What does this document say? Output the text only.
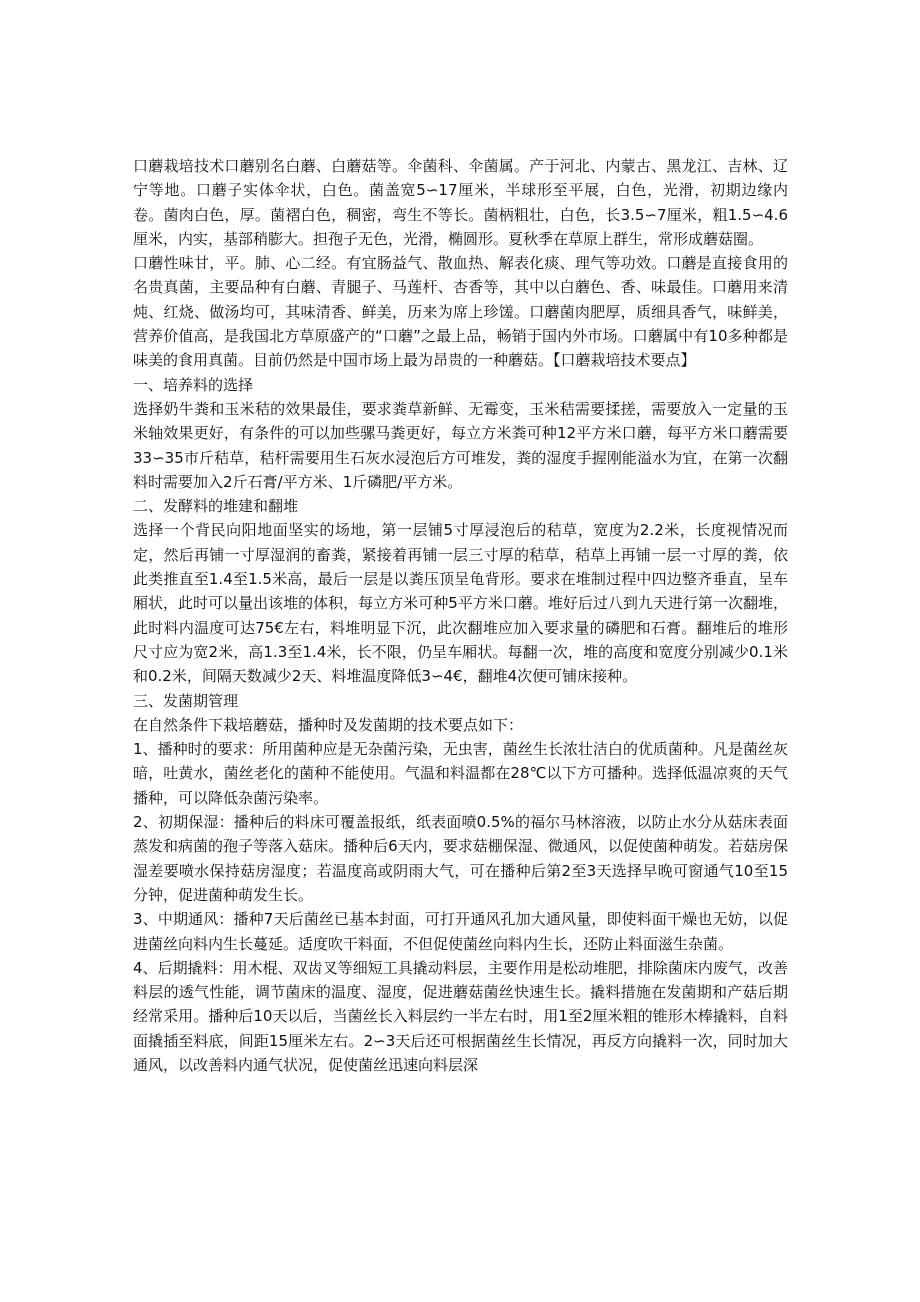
口蘑栽培技术口蘑别名白蘑、白蘑菇等。伞菌科、伞菌属。产于河北、内蒙古、黑龙江、吉林、辽宁等地。口蘑子实体伞状，白色。菌盖宽5∽17厘米，半球形至平展，白色，光滑，初期边缘内卷。菌肉白色，厚。菌褶白色，稠密，弯生不等长。菌柄粗壮，白色，长3.5∽7厘米，粗1.5∽4.6厘米，内实，基部稍膨大。担孢子无色，光滑，椭圆形。夏秋季在草原上群生，常形成蘑菇圈。

口蘑性味甘，平。肺、心二经。有宜肠益气、散血热、解表化痰、理气等功效。口蘑是直接食用的名贵真菌，主要品种有白蘑、青腿子、马莲杆、杏香等，其中以白蘑色、香、味最佳。口蘑用来清炖、红烧、做汤均可，其味清香、鲜美，历来为席上珍馐。口蘑菌肉肥厚，质细具香气，味鲜美，营养价值高，是我国北方草原盛产的“口蘑”之最上品，畅销于国内外市场。口蘑属中有10多种都是味美的食用真菌。目前仍然是中国市场上最为昂贵的一种蘑菇。【口蘑栽培技术要点】

一、培养料的选择

选择奶牛粪和玉米秸的效果最佳，要求粪草新鲜、无霉变，玉米秸需要揉搓，需要放入一定量的玉米轴效果更好，有条件的可以加些骡马粪更好，每立方米粪可种12平方米口蘑，每平方米口蘑需要33∽35市斤秸草，秸杆需要用生石灰水浸泡后方可堆发，粪的湿度手握刚能溢水为宜，在第一次翻料时需要加入2斤石膏/平方米、1斤磷肥/平方米。

二、发酵料的堆建和翻堆

选择一个背民向阳地面坚实的场地，第一层铺5寸厚浸泡后的秸草，宽度为2.2米，长度视情况而定，然后再铺一寸厚湿润的畜粪，紧接着再铺一层三寸厚的秸草，秸草上再铺一层一寸厚的粪，依此类推直至1.4至1.5米高，最后一层是以粪压顶呈龟背形。要求在堆制过程中四边整齐垂直，呈车厢状，此时可以量出该堆的体积，每立方米可种5平方米口蘑。堆好后过八到九天进行第一次翻堆，此时料内温度可达75€左右，料堆明显下沉，此次翻堆应加入要求量的磷肥和石膏。翻堆后的堆形尺寸应为宽2米，高1.3至1.4米，长不限，仍呈车厢状。每翻一次，堆的高度和宽度分别减少0.1米和0.2米，间隔天数减少2天、料堆温度降低3∽4€，翻堆4次便可铺床接种。

三、发菌期管理

在自然条件下栽培蘑菇，播种时及发菌期的技术要点如下：

1、播种时的要求：所用菌种应是无杂菌污染，无虫害，菌丝生长浓壮洁白的优质菌种。凡是菌丝灰暗，吐黄水，菌丝老化的菌种不能使用。气温和料温都在28℃以下方可播种。选择低温凉爽的天气播种，可以降低杂菌污染率。

2、初期保湿：播种后的料床可覆盖报纸，纸表面喷0.5%的福尔马林溶液，以防止水分从菇床表面蒸发和病菌的孢子等落入菇床。播种后6天内，要求菇棚保湿、微通风，以促使菌种萌发。若菇房保湿差要喷水保持菇房湿度；若温度高或阴雨大气，可在播种后第2至3天选择早晚可窗通气10至15分钟，促进菌种萌发生长。

3、中期通风：播种7天后菌丝已基本封面，可打开通风孔加大通风量，即使料面干燥也无妨，以促进菌丝向料内生长蔓延。适度吹干料面，不但促使菌丝向料内生长，还防止料面滋生杂菌。

4、后期撬料：用木棍、双齿叉等细短工具撬动料层，主要作用是松动堆肥，排除菌床内废气，改善料层的透气性能，调节菌床的温度、湿度，促进蘑菇菌丝快速生长。撬料措施在发菌期和产菇后期经常采用。播种后10天以后，当菌丝长入料层约一半左右时，用1至2厘米粗的锥形木棒撬料，自料面撬插至料底，间距15厘米左右。2∽3天后还可根据菌丝生长情况，再反方向撬料一次，同时加大通风，以改善料内通气状况，促使菌丝迅速向料层深
